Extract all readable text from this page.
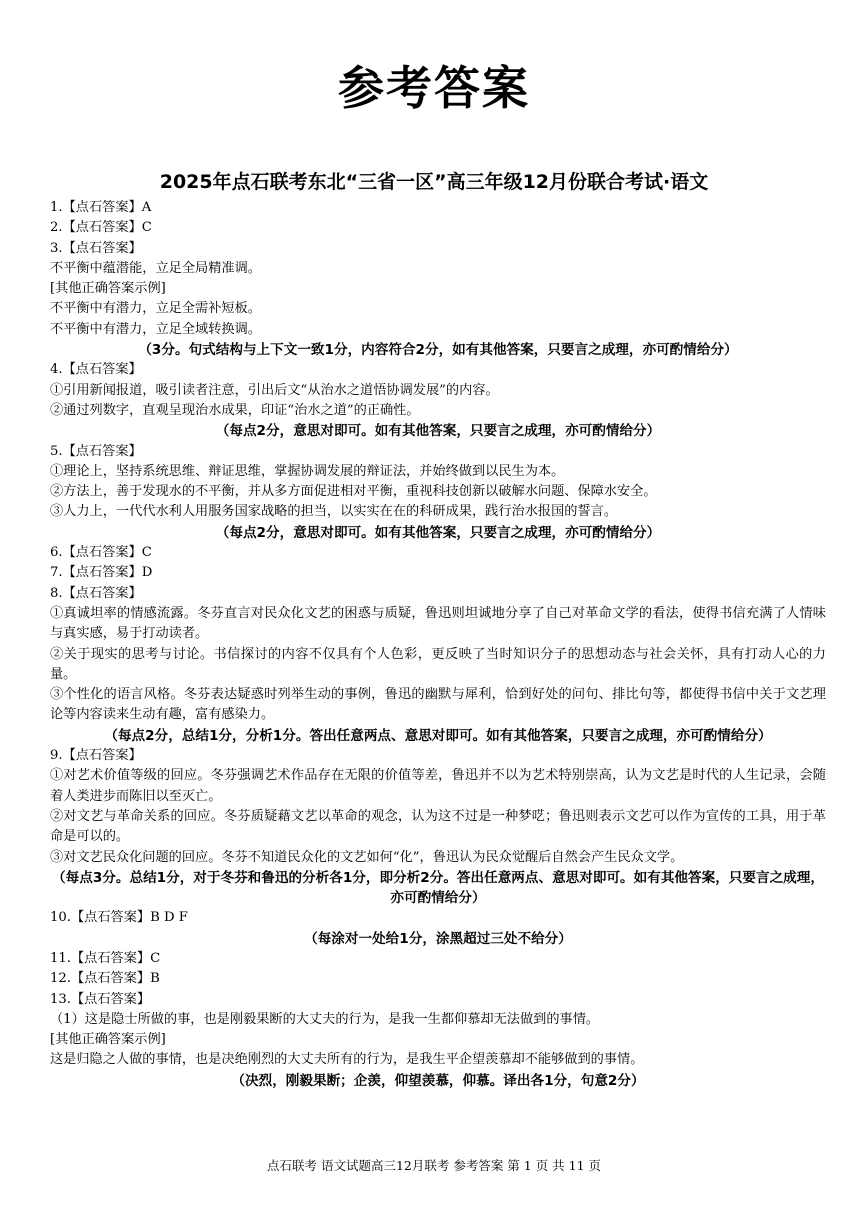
参考答案
2025年点石联考东北“三省一区”高三年级12月份联合考试·语文
1.【点石答案】A
2.【点石答案】C
3.【点石答案】
不平衡中蕴潜能，立足全局精准调。
[其他正确答案示例]
不平衡中有潜力，立足全需补短板。
不平衡中有潜力，立足全域转换调。
（3分。句式结构与上下文一致1分，内容符合2分，如有其他答案，只要言之成理，亦可酌情给分）
4.【点石答案】
①引用新闻报道，吸引读者注意，引出后文“从治水之道悟协调发展”的内容。
②通过列数字，直观呈现治水成果，印证“治水之道”的正确性。
（每点2分，意思对即可。如有其他答案，只要言之成理，亦可酌情给分）
5.【点石答案】
①理论上，坚持系统思维、辩证思维，掌握协调发展的辩证法，并始终做到以民生为本。
②方法上，善于发现水的不平衡，并从多方面促进相对平衡，重视科技创新以破解水问题、保障水安全。
③人力上，一代代水利人用服务国家战略的担当，以实实在在的科研成果，践行治水报国的誓言。
（每点2分，意思对即可。如有其他答案，只要言之成理，亦可酌情给分）
6.【点石答案】C
7.【点石答案】D
8.【点石答案】
①真诚坦率的情感流露。冬芬直言对民众化文艺的困惑与质疑，鲁迅则坦诚地分享了自己对革命文学的看法，使得书信充满了人情味与真实感，易于打动读者。
②关于现实的思考与讨论。书信探讨的内容不仅具有个人色彩，更反映了当时知识分子的思想动态与社会关怀，具有打动人心的力量。
③个性化的语言风格。冬芬表达疑惑时列举生动的事例，鲁迅的幽默与犀利，恰到好处的问句、排比句等，都使得书信中关于文艺理论等内容读来生动有趣，富有感染力。
（每点2分，总结1分，分析1分。答出任意两点、意思对即可。如有其他答案，只要言之成理，亦可酌情给分）
9.【点石答案】
①对艺术价值等级的回应。冬芬强调艺术作品存在无限的价值等差，鲁迅并不以为艺术特别崇高，认为文艺是时代的人生记录，会随着人类进步而陈旧以至灭亡。
②对文艺与革命关系的回应。冬芬质疑藉文艺以革命的观念，认为这不过是一种梦呓；鲁迅则表示文艺可以作为宣传的工具，用于革命是可以的。
③对文艺民众化问题的回应。冬芬不知道民众化的文艺如何“化”，鲁迅认为民众觉醒后自然会产生民众文学。
（每点3分。总结1分，对于冬芬和鲁迅的分析各1分，即分析2分。答出任意两点、意思对即可。如有其他答案，只要言之成理，亦可酌情给分）
10.【点石答案】B D F
（每涂对一处给1分，涂黑超过三处不给分）
11.【点石答案】C
12.【点石答案】B
13.【点石答案】
（1）这是隐士所做的事，也是刚毅果断的大丈夫的行为，是我一生都仰慕却无法做到的事情。
[其他正确答案示例]
这是归隐之人做的事情，也是决绝刚烈的大丈夫所有的行为，是我生平企望羡慕却不能够做到的事情。
（决烈，刚毅果断；企羡，仰望羡慕，仰慕。译出各1分，句意2分）
点石联考 语文试题高三12月联考 参考答案 第 1 页 共 11 页
